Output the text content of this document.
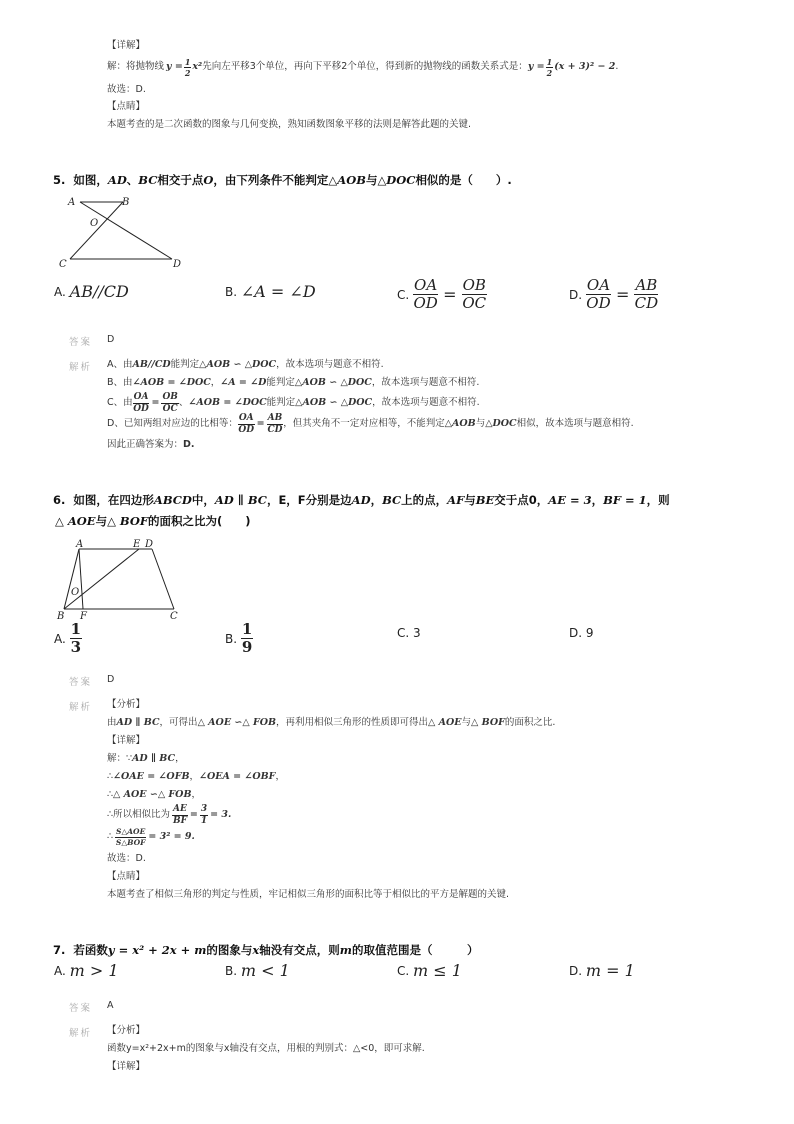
【详解】
解：将抛物线 $y = \frac{1}{2} x^2$ 先向左平移3个单位，再向下平移2个单位，得到新的抛物线的函数关系式是： $y = \frac{1}{2} (x + 3)^2 - 2$ .
故选：D.
【点睛】
本题考查的是二次函数的图象与几何变换，熟知函数图象平移的法则是解答此题的关键.
5. 如图，AD、BC相交于点O，由下列条件不能判定△AOB与△DOC相似的是（　　）.
A	B
O
C	D
A.
AB//CD	B.
∠A = ∠D	C.
$\frac{OA}{OD} = \frac{OB}{OC}$	D.
$\frac{OA}{OD} = \frac{AB}{CD}$
答案 D
解析 A、由AB//CD能判定△AOB ∽ △DOC，故本选项与题意不相符.
B、由∠AOB = ∠DOC，∠A = ∠D能判定△AOB ∽ △DOC，故本选项与题意不相符.
C、由 $\frac{OA}{OD} = \frac{OB}{OC}$ 、 ∠AOB = ∠DOC 能判定 △AOB ∽ △DOC ，故本选项与题意不相符.
D、已知两组对应边的比相等： $\frac{OA}{OD} = \frac{AB}{CD}$ ，但其夹角不一定对应相等，不能判定 △AOB 与 △DOC 相似，故本选项与题意相符.
因此正确答案为：D.
6. 如图，在四边形ABCD中，AD ∥ BC，E，F分别是边AD，BC上的点，AF与BE交于点0，AE = 3，BF = 1，则
△ AOE与△ BOF的面积之比为(　　)
A	E D
O
B F	C
A.
$\frac{1}{3}$	B.
$\frac{1}{9}$	C. 3	D. 9
答案 D
解析 【分析】
由AD ∥ BC，可得出△ AOE ∽△ FOB，再利用相似三角形的性质即可得出△ AOE与△ BOF的面积之比.
【详解】
解：∵AD ∥ BC，
∴∠OAE = ∠OFB，∠OEA = ∠OBF，
∴△ AOE ∽△ FOB，
∴所以相似比为 $\frac{AE}{BF} = \frac{3}{1} = 3$.
∴ $\frac{\text{S△AOE}}{\text{S△BOF}} = 3^2 = 9$.
故选：D.
【点睛】
本题考查了相似三角形的判定与性质，牢记相似三角形的面积比等于相似比的平方是解题的关键.
7. 若函数y = x² + 2x + m的图象与x轴没有交点，则m的取值范围是（　　　）
A.
m > 1	B.
m < 1	C.
m ≤ 1	D.
m = 1
答案 A
解析 【分析】
函数y=x²+2x+m的图象与x轴没有交点，用根的判别式：△<0，即可求解.
【详解】
